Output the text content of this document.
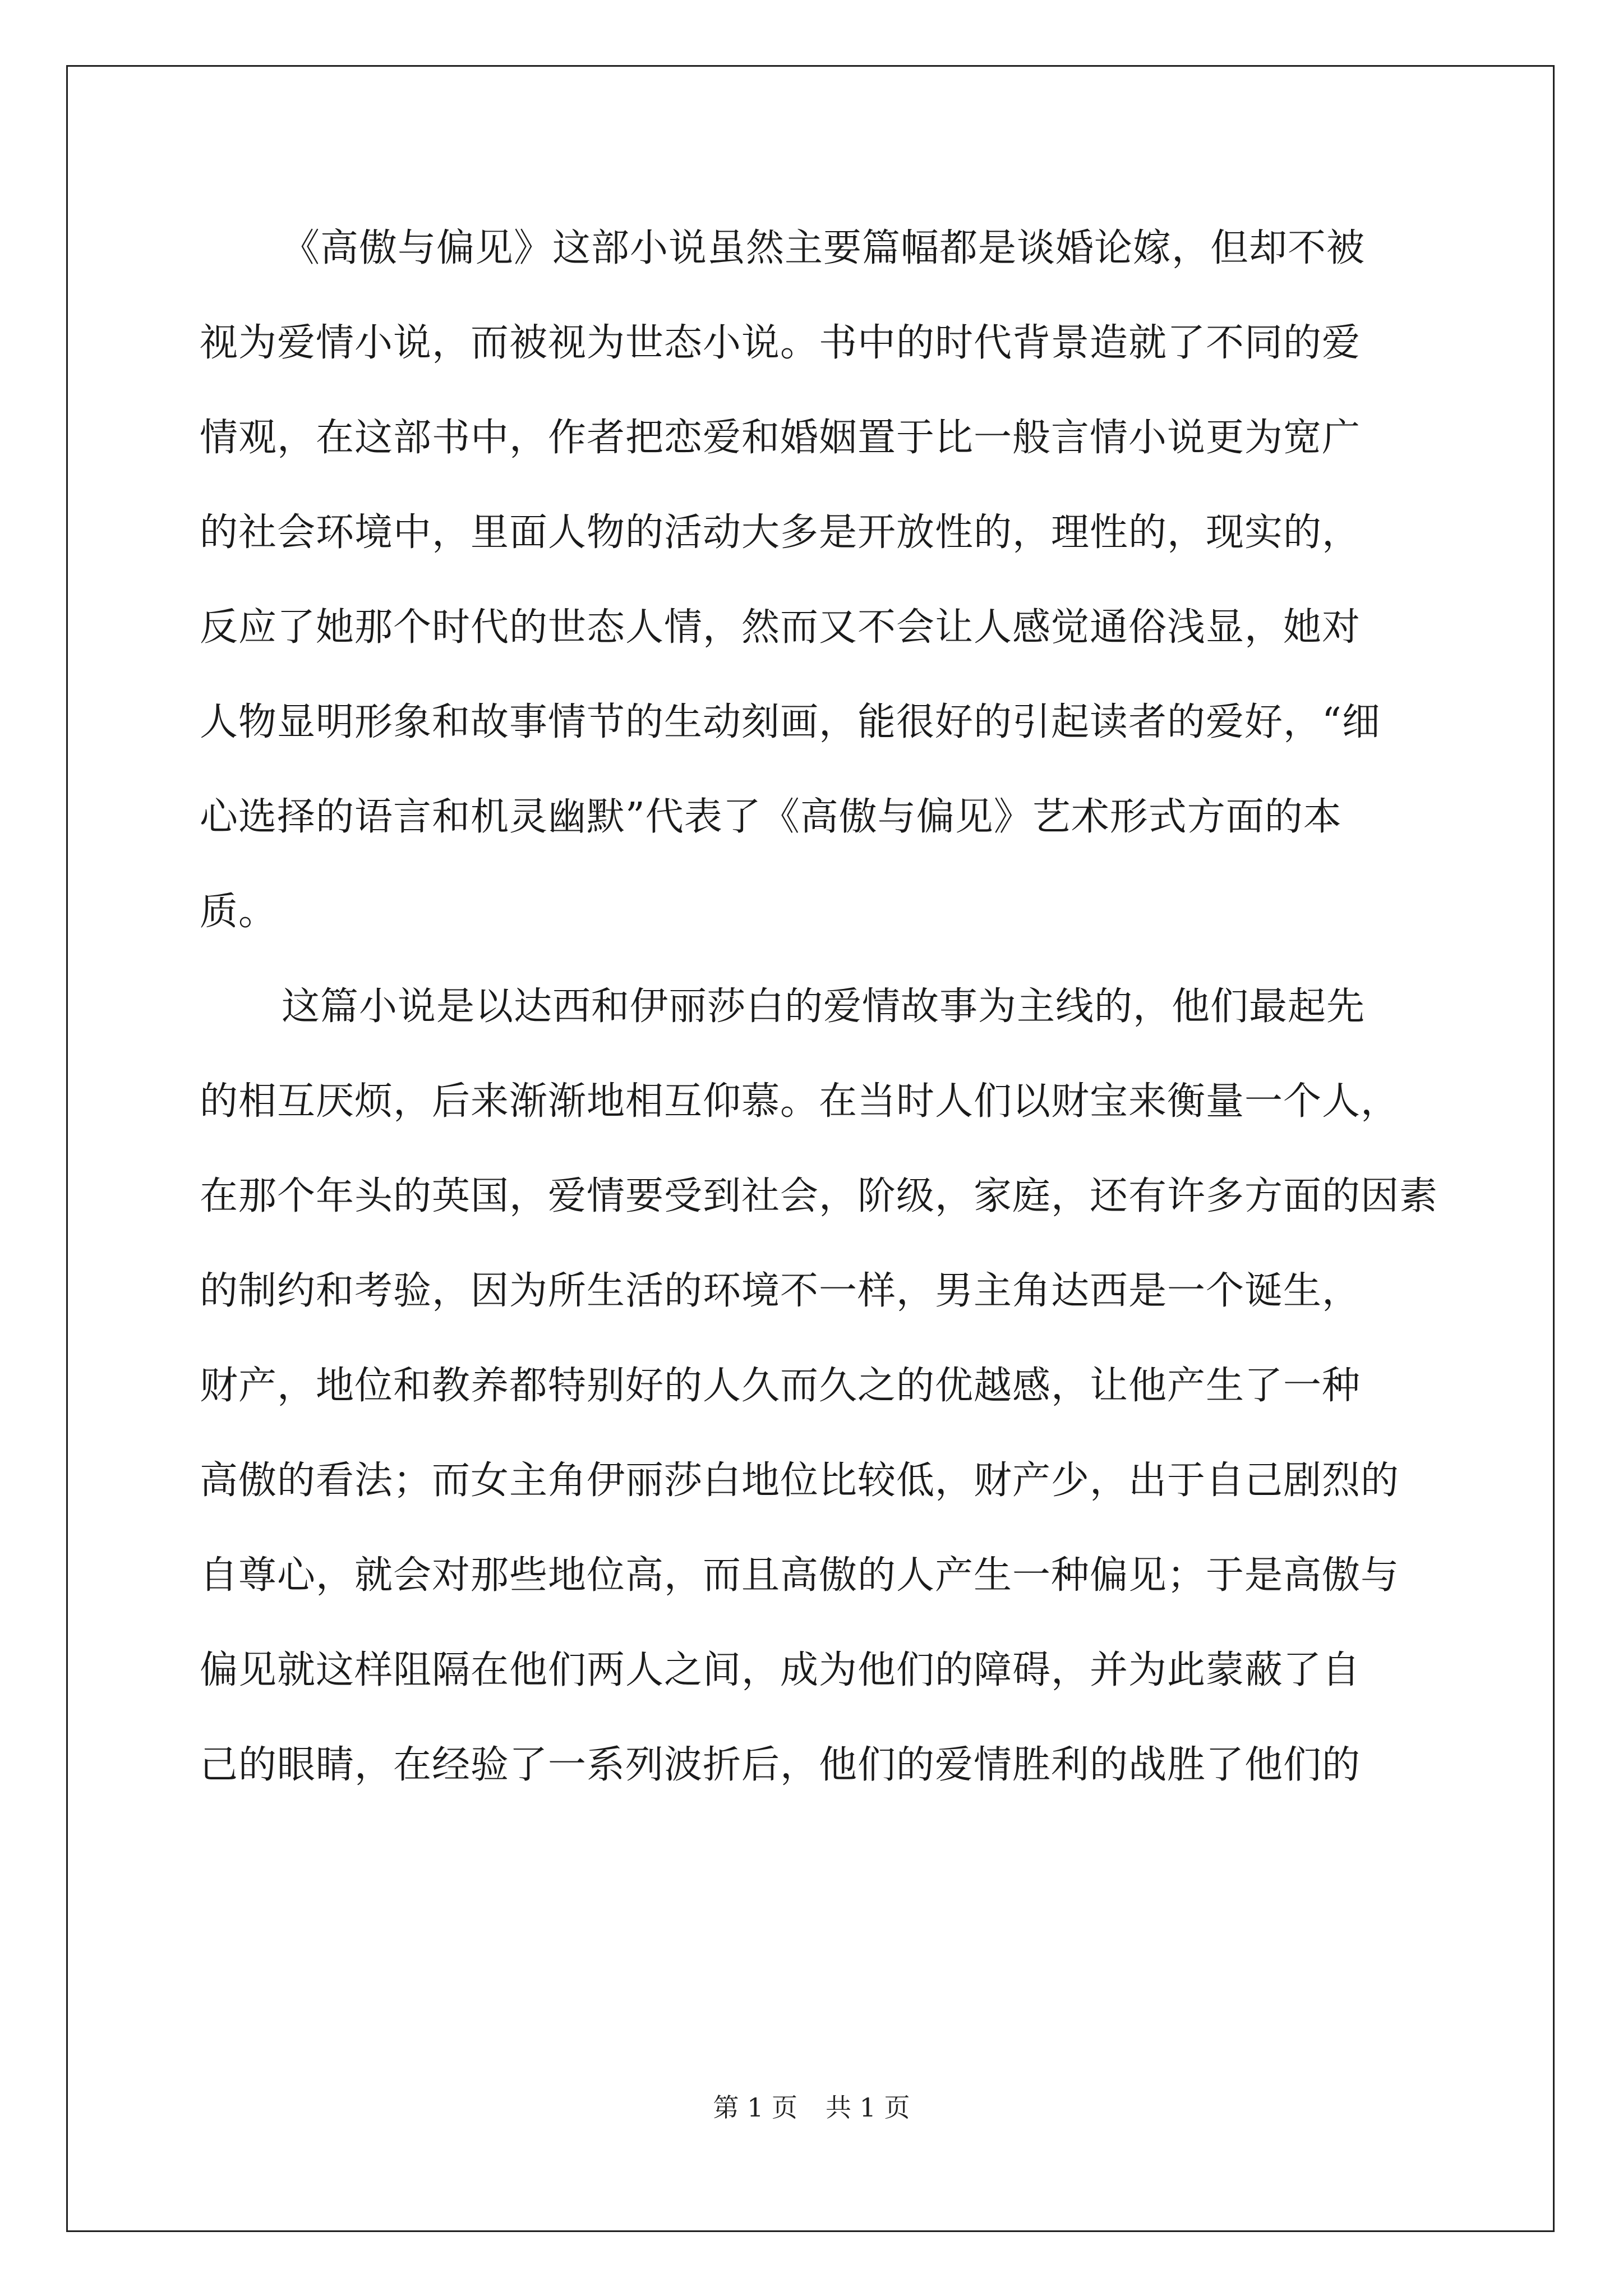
《高傲与偏见》这部小说虽然主要篇幅都是谈婚论嫁，但却不被
视为爱情小说，而被视为世态小说。书中的时代背景造就了不同的爱
情观，在这部书中，作者把恋爱和婚姻置于比一般言情小说更为宽广
的社会环境中，里面人物的活动大多是开放性的，理性的，现实的，
反应了她那个时代的世态人情，然而又不会让人感觉通俗浅显，她对
人物显明形象和故事情节的生动刻画，能很好的引起读者的爱好，“细
心选择的语言和机灵幽默”代表了《高傲与偏见》艺术形式方面的本
质。
这篇小说是以达西和伊丽莎白的爱情故事为主线的，他们最起先
的相互厌烦，后来渐渐地相互仰慕。在当时人们以财宝来衡量一个人，
在那个年头的英国，爱情要受到社会，阶级，家庭，还有许多方面的因素
的制约和考验，因为所生活的环境不一样，男主角达西是一个诞生，
财产，地位和教养都特别好的人久而久之的优越感，让他产生了一种
高傲的看法；而女主角伊丽莎白地位比较低，财产少，出于自己剧烈的
自尊心，就会对那些地位高，而且高傲的人产生一种偏见；于是高傲与
偏见就这样阻隔在他们两人之间，成为他们的障碍，并为此蒙蔽了自
己的眼睛，在经验了一系列波折后，他们的爱情胜利的战胜了他们的
第 1 页 共 1 页
